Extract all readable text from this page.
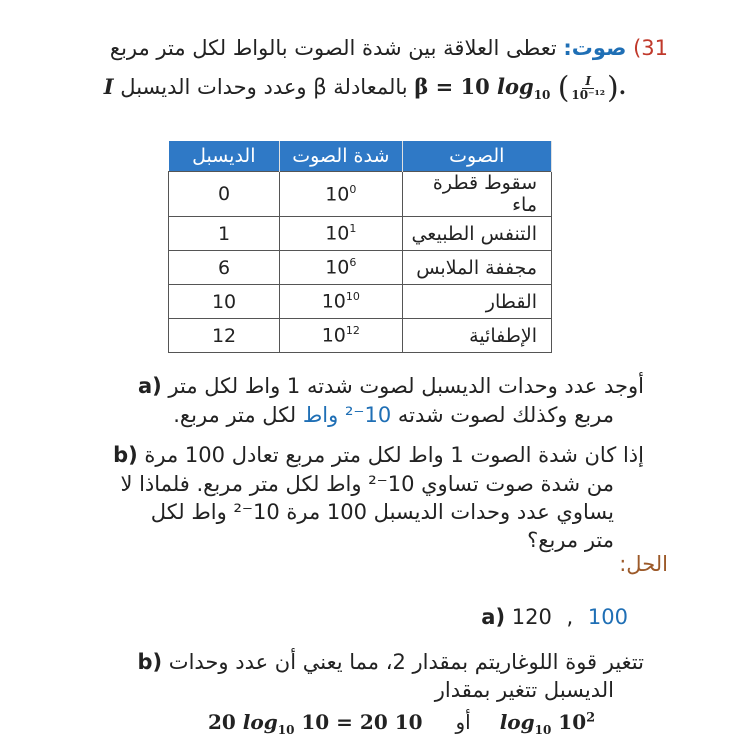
31) صوت: تعطى العلاقة بين شدة الصوت بالواط لكل متر مربع
I وعدد وحدات الديسبل β بالمعادلة β = 10 $\log_{10}$ ( $\frac{I}{\text{10⁻¹²}}$ ).
الصوت	شدة الصوت	الديسبل
سقوط قطرة ماء	$10^0$	0
التنفس الطبيعي	$10^1$	1
مجففة الملابس	$10^6$	6
القطار	$10^{10}$	10
الإطفائية	$10^{12}$	12
a) أوجد عدد وحدات الديسبل لصوت شدته 1 واط لكل متر
مربع وكذلك لصوت شدته 10⁻² واط لكل متر مربع.
b) إذا كان شدة الصوت 1 واط لكل متر مربع تعادل 100 مرة
من شدة صوت تساوي 10⁻² واط لكل متر مربع. فلماذا لا
يساوي عدد وحدات الديسبل 100 مرة 10⁻² واط لكل
متر مربع؟
الحل:
a) 120 , 100
b) تتغير قوة اللوغاريتم بمقدار 2، مما يعني أن عدد وحدات
الديسبل تتغير بمقدار
20 $\log_{10} 10 = 20$	أو 10 $\log_{10} 10^2$
